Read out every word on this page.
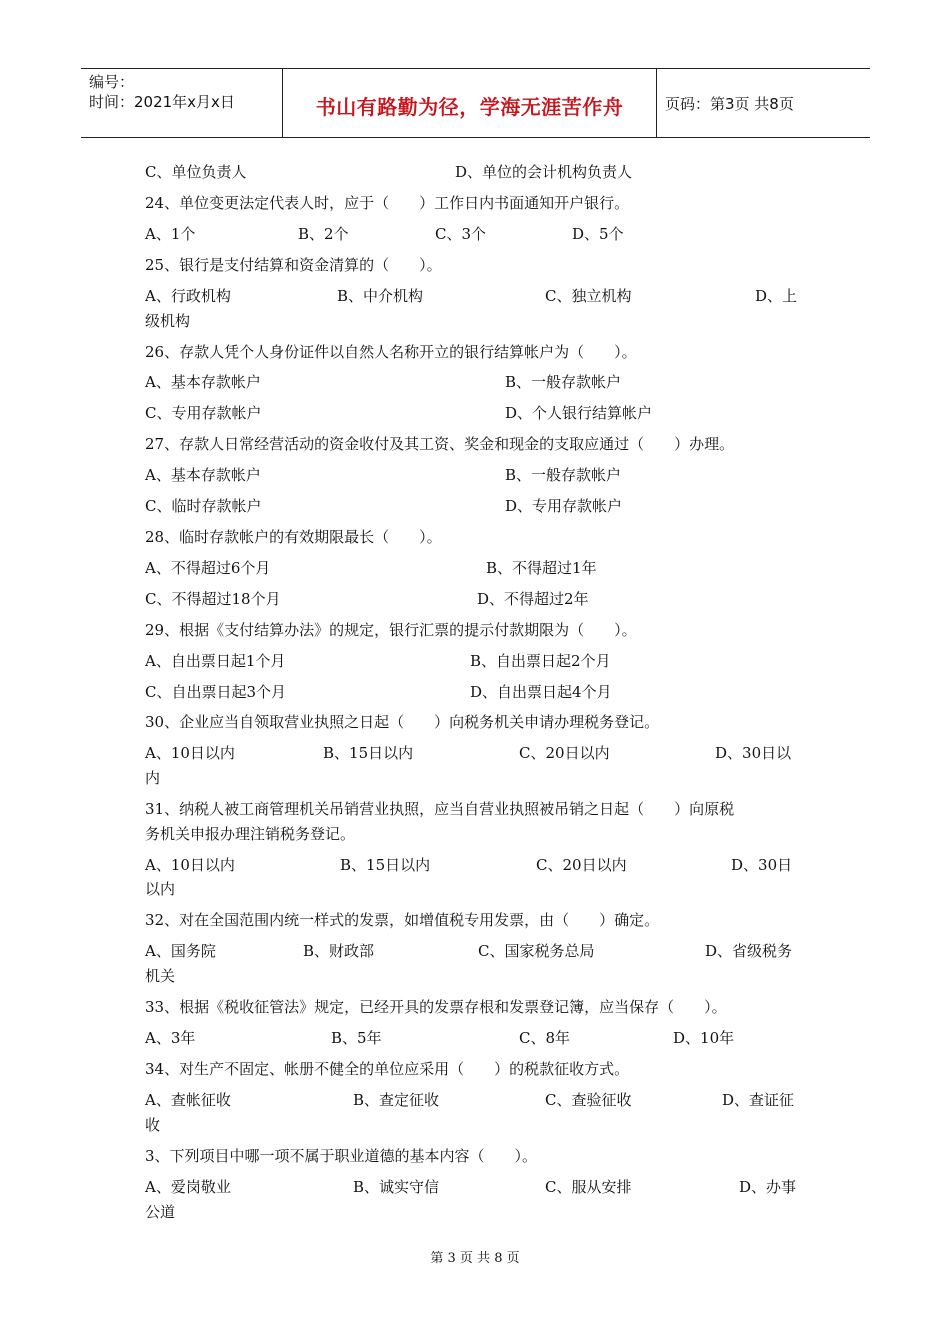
编号：
时间：2021年x月x日	书山有路勤为径，学海无涯苦作舟	页码：第3页 共8页
C、单位负责人	D、单位的会计机构负责人
24、单位变更法定代表人时，应于（　　）工作日内书面通知开户银行。
A、1个	B、2个	C、3个	D、5个
25、银行是支付结算和资金清算的（　　）。
A、行政机构	B、中介机构	C、独立机构	D、上
级机构
26、存款人凭个人身份证件以自然人名称开立的银行结算帐户为（　　）。
A、基本存款帐户	B、一般存款帐户
C、专用存款帐户	D、个人银行结算帐户
27、存款人日常经营活动的资金收付及其工资、奖金和现金的支取应通过（　　）办理。
A、基本存款帐户	B、一般存款帐户
C、临时存款帐户	D、专用存款帐户
28、临时存款帐户的有效期限最长（　　）。
A、不得超过6个月	B、不得超过1年
C、不得超过18个月	D、不得超过2年
29、根据《支付结算办法》的规定，银行汇票的提示付款期限为（　　）。
A、自出票日起1个月	B、自出票日起2个月
C、自出票日起3个月	D、自出票日起4个月
30、企业应当自领取营业执照之日起（　　）向税务机关申请办理税务登记。
A、10日以内	B、15日以内	C、20日以内	D、30日以
内
31、纳税人被工商管理机关吊销营业执照，应当自营业执照被吊销之日起（　　）向原税
务机关申报办理注销税务登记。
A、10日以内	B、15日以内	C、20日以内	D、30日
以内
32、对在全国范围内统一样式的发票，如增值税专用发票，由（　　）确定。
A、国务院	B、财政部	C、国家税务总局	D、省级税务
机关
33、根据《税收征管法》规定，已经开具的发票存根和发票登记簿，应当保存（　　）。
A、3年	B、5年	C、8年	D、10年
34、对生产不固定、帐册不健全的单位应采用（　　）的税款征收方式。
A、查帐征收	B、查定征收	C、查验征收	D、查证征
收
3、下列项目中哪一项不属于职业道德的基本内容（　　）。
A、爱岗敬业	B、诚实守信	C、服从安排	D、办事
公道
第 3 页 共 8 页
